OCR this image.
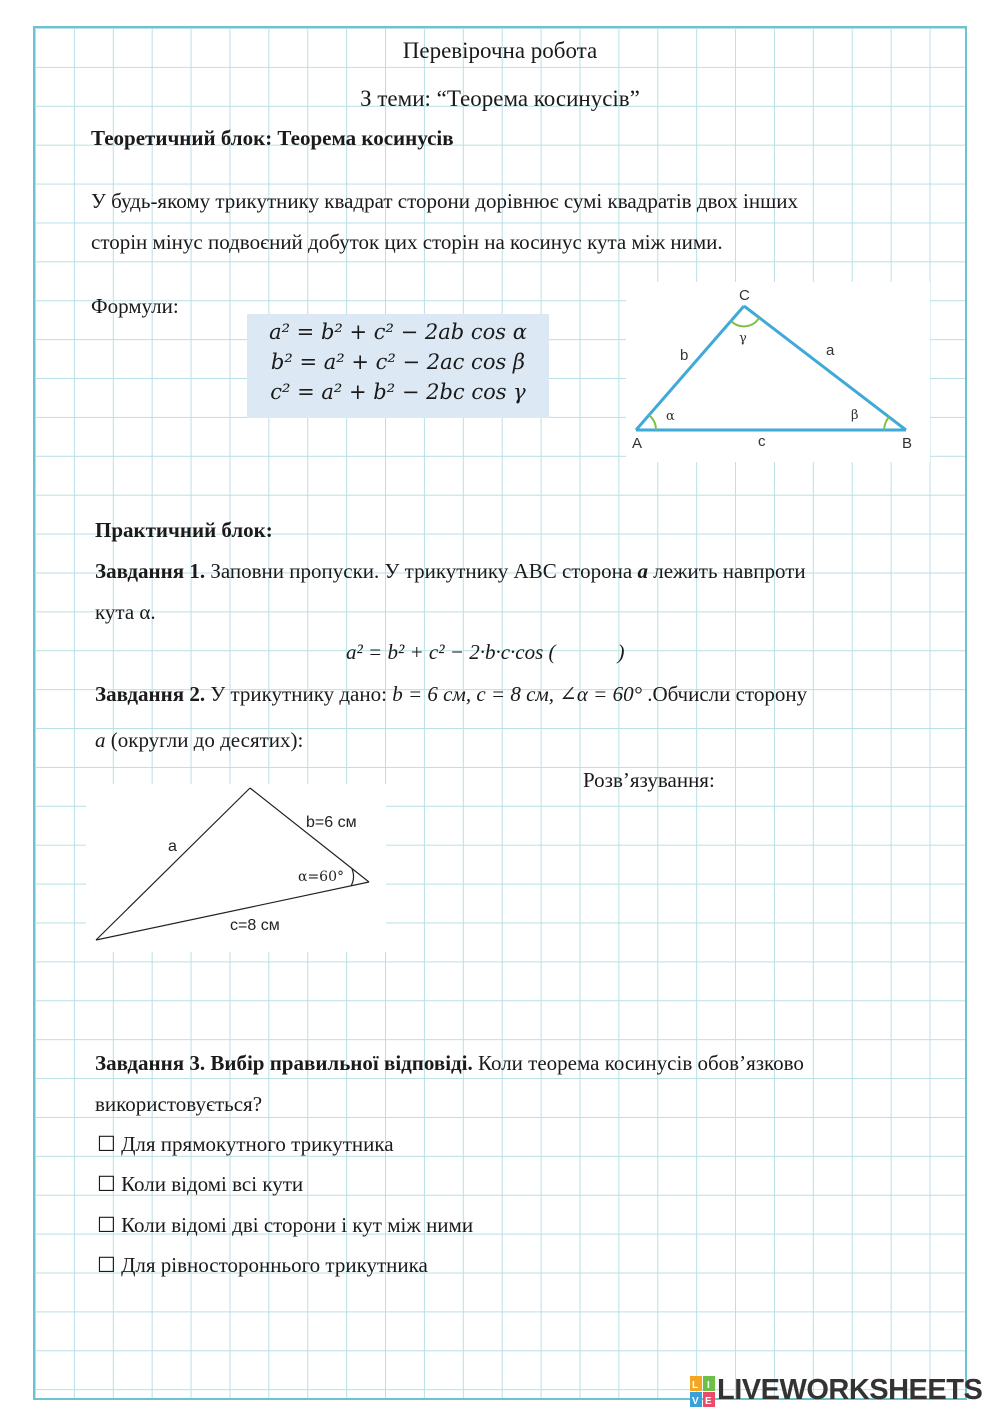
Перевірочна робота
З теми: “Теорема косинусів”
Теоретичний блок: Теорема косинусів
У будь-якому трикутнику квадрат сторони дорівнює сумі квадратів двох інших
сторін мінус подвоєний добуток цих сторін на косинус кута між ними.
Формули:
a² = b² + c² − 2ab cos α
b² = a² + c² − 2ac cos β
c² = a² + b² − 2bc cos γ
C
A	B
b	a
c
α	β
γ
Практичний блок:
Завдання 1. Заповни пропуски. У трикутнику ABC сторона a лежить навпроти
кута α.
a² = b² + c² − 2·b·c·cos (	)
Завдання 2. У трикутнику дано: b = 6 см, c = 8 см, ∠α = 60° .Обчисли сторону
a (округли до десятих):
Розв’язування:
a
b=6 см
c=8 см
α=60°
Завдання 3. Вибір правильної відповіді. Коли теорема косинусів обов’язково
використовується?
☐ Для прямокутного трикутника
☐ Коли відомі всі кути
☐ Коли відомі дві сторони і кут між ними
☐ Для рівностороннього трикутника
L I
V E LIVEWORKSHEETS
